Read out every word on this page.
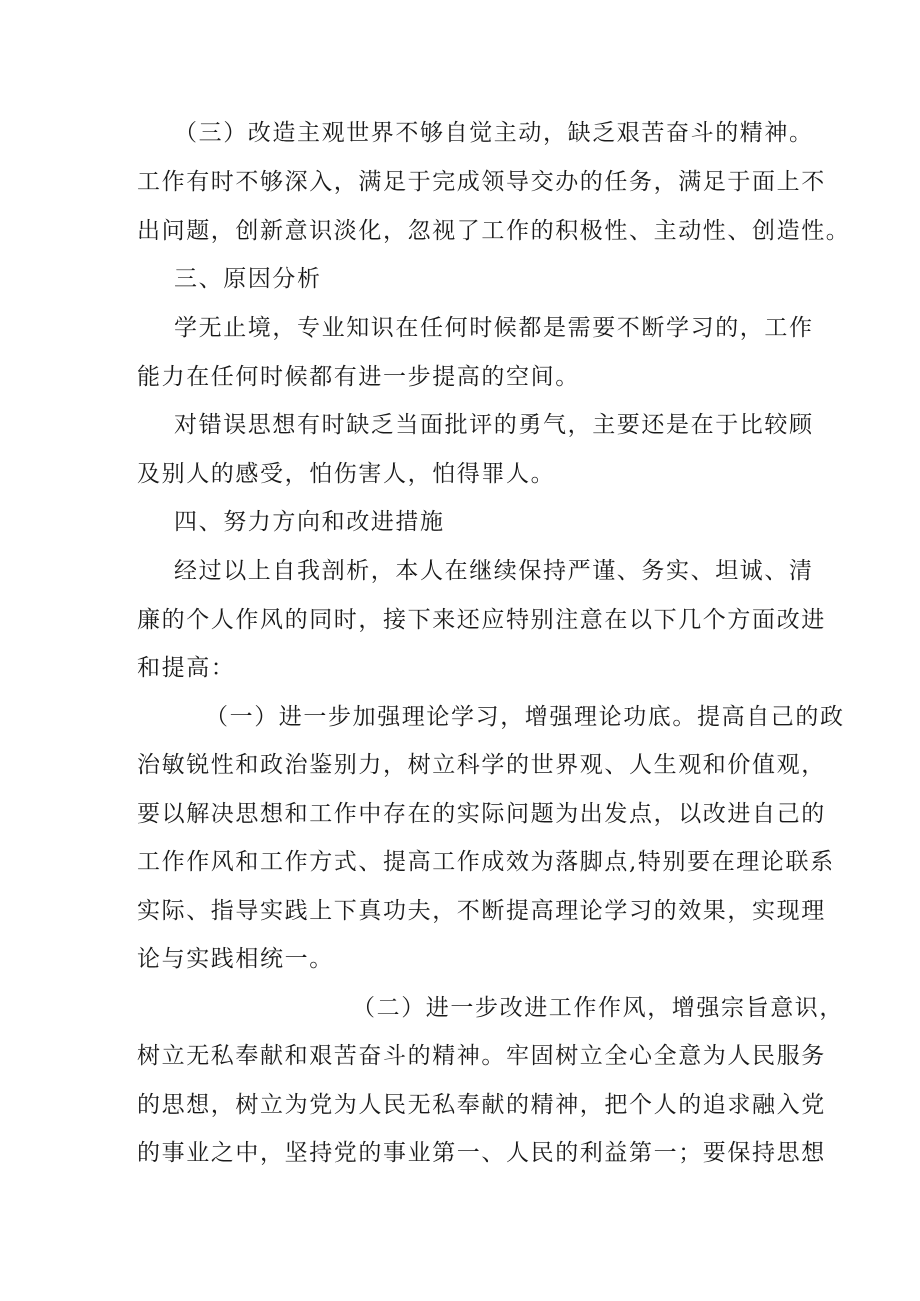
（三）改造主观世界不够自觉主动，缺乏艰苦奋斗的精神。
工作有时不够深入，满足于完成领导交办的任务，满足于面上不
出问题，创新意识淡化，忽视了工作的积极性、主动性、创造性。
三、原因分析
学无止境，专业知识在任何时候都是需要不断学习的，工作
能力在任何时候都有进一步提高的空间。
对错误思想有时缺乏当面批评的勇气，主要还是在于比较顾
及别人的感受，怕伤害人，怕得罪人。
四、努力方向和改进措施
经过以上自我剖析，本人在继续保持严谨、务实、坦诚、清
廉的个人作风的同时，接下来还应特别注意在以下几个方面改进
和提高：
（一）进一步加强理论学习，增强理论功底。提高自己的政
治敏锐性和政治鉴别力，树立科学的世界观、人生观和价值观，
要以解决思想和工作中存在的实际问题为出发点，以改进自己的
工作作风和工作方式、提高工作成效为落脚点,特别要在理论联系
实际、指导实践上下真功夫，不断提高理论学习的效果，实现理
论与实践相统一。
（二）进一步改进工作作风，增强宗旨意识，
树立无私奉献和艰苦奋斗的精神。牢固树立全心全意为人民服务
的思想，树立为党为人民无私奉献的精神，把个人的追求融入党
的事业之中，坚持党的事业第一、人民的利益第一；要保持思想
